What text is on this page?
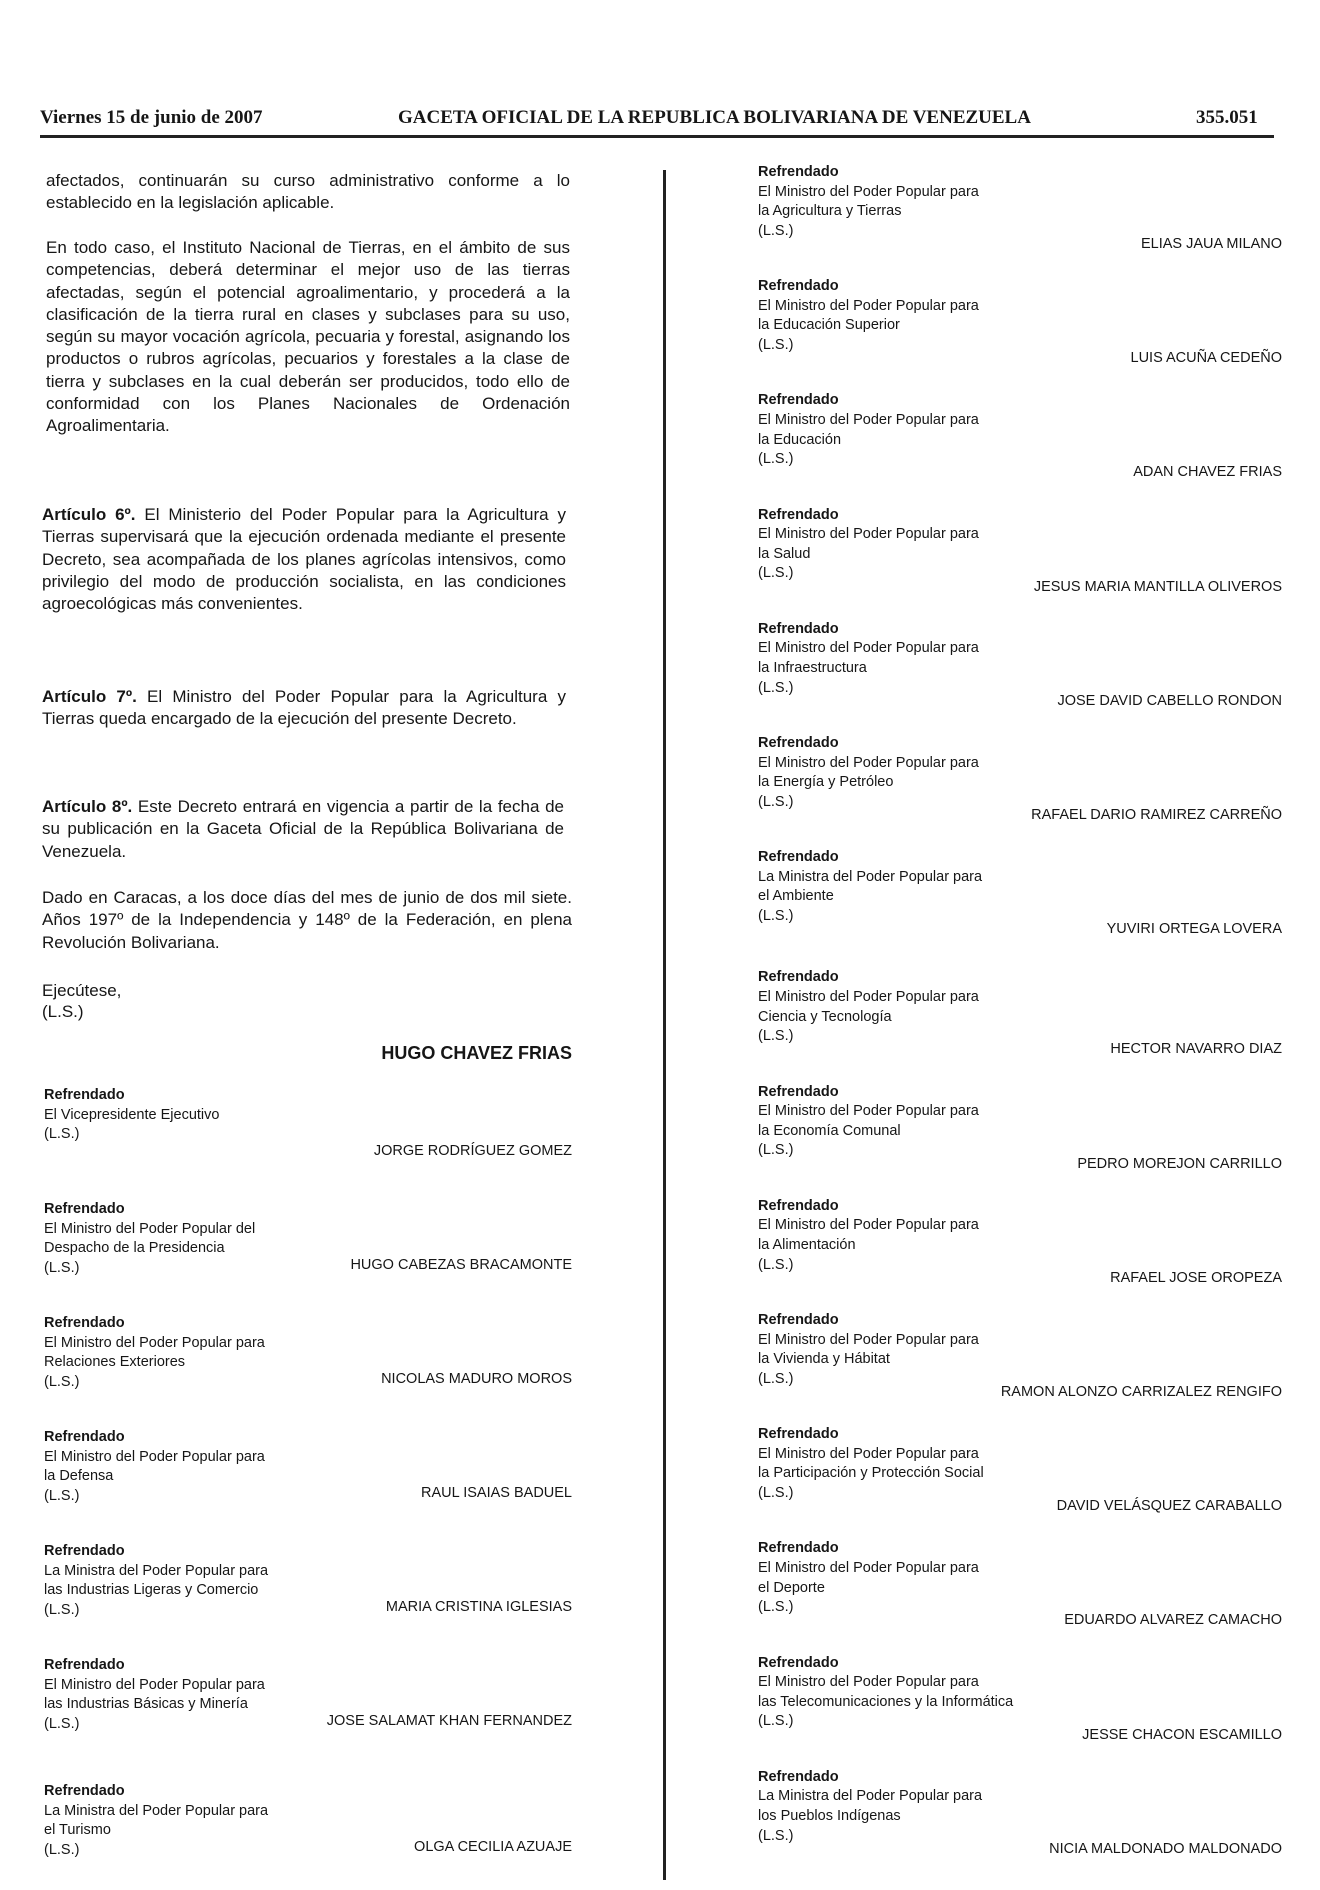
Viernes 15 de junio de 2007	GACETA OFICIAL DE LA REPUBLICA BOLIVARIANA DE VENEZUELA	355.051

afectados, continuarán su curso administrativo conforme a lo establecido en la legislación aplicable.

En todo caso, el Instituto Nacional de Tierras, en el ámbito de sus competencias, deberá determinar el mejor uso de las tierras afectadas, según el potencial agroalimentario, y procederá a la clasificación de la tierra rural en clases y subclases para su uso, según su mayor vocación agrícola, pecuaria y forestal, asignando los productos o rubros agrícolas, pecuarios y forestales a la clase de tierra y subclases en la cual deberán ser producidos, todo ello de conformidad con los Planes Nacionales de Ordenación Agroalimentaria.

Artículo 6º. El Ministerio del Poder Popular para la Agricultura y Tierras supervisará que la ejecución ordenada mediante el presente Decreto, sea acompañada de los planes agrícolas intensivos, como privilegio del modo de producción socialista, en las condiciones agroecológicas más convenientes.

Artículo 7º. El Ministro del Poder Popular para la Agricultura y Tierras queda encargado de la ejecución del presente Decreto.

Artículo 8º. Este Decreto entrará en vigencia a partir de la fecha de su publicación en la Gaceta Oficial de la República Bolivariana de Venezuela.

Dado en Caracas, a los doce días del mes de junio de dos mil siete. Años 197º de la Independencia y 148º de la Federación, en plena Revolución Bolivariana.

Ejecútese,

(L.S.)

HUGO CHAVEZ FRIAS
Refrendado
El Vicepresidente Ejecutivo
(L.S.)
JORGE RODRÍGUEZ GOMEZ
Refrendado
El Ministro del Poder Popular del
Despacho de la Presidencia
(L.S.)	HUGO CABEZAS BRACAMONTE
Refrendado
El Ministro del Poder Popular para
Relaciones Exteriores
(L.S.)	NICOLAS MADURO MOROS
Refrendado
El Ministro del Poder Popular para
la Defensa
(L.S.)	RAUL ISAIAS BADUEL
Refrendado
La Ministra del Poder Popular para
las Industrias Ligeras y Comercio
(L.S.)	MARIA CRISTINA IGLESIAS
Refrendado
El Ministro del Poder Popular para
las Industrias Básicas y Minería
(L.S.)	JOSE SALAMAT KHAN FERNANDEZ
Refrendado
La Ministra del Poder Popular para
el Turismo
(L.S.)	OLGA CECILIA AZUAJE
Refrendado
El Ministro del Poder Popular para
la Agricultura y Tierras
(L.S.)
ELIAS JAUA MILANO
Refrendado
El Ministro del Poder Popular para
la Educación Superior
(L.S.)
LUIS ACUÑA CEDEÑO
Refrendado
El Ministro del Poder Popular para
la Educación
(L.S.)
ADAN CHAVEZ FRIAS
Refrendado
El Ministro del Poder Popular para
la Salud
(L.S.)
JESUS MARIA MANTILLA OLIVEROS
Refrendado
El Ministro del Poder Popular para
la Infraestructura
(L.S.)
JOSE DAVID CABELLO RONDON
Refrendado
El Ministro del Poder Popular para
la Energía y Petróleo
(L.S.)
RAFAEL DARIO RAMIREZ CARREÑO
Refrendado
La Ministra del Poder Popular para
el Ambiente
(L.S.)
YUVIRI ORTEGA LOVERA
Refrendado
El Ministro del Poder Popular para
Ciencia y Tecnología
(L.S.)
HECTOR NAVARRO DIAZ
Refrendado
El Ministro del Poder Popular para
la Economía Comunal
(L.S.)
PEDRO MOREJON CARRILLO
Refrendado
El Ministro del Poder Popular para
la Alimentación
(L.S.)
RAFAEL JOSE OROPEZA
Refrendado
El Ministro del Poder Popular para
la Vivienda y Hábitat
(L.S.)
RAMON ALONZO CARRIZALEZ RENGIFO
Refrendado
El Ministro del Poder Popular para
la Participación y Protección Social
(L.S.)
DAVID VELÁSQUEZ CARABALLO
Refrendado
El Ministro del Poder Popular para
el Deporte
(L.S.)
EDUARDO ALVAREZ CAMACHO
Refrendado
El Ministro del Poder Popular para
las Telecomunicaciones y la Informática
(L.S.)
JESSE CHACON ESCAMILLO
Refrendado
La Ministra del Poder Popular para
los Pueblos Indígenas
(L.S.)
NICIA MALDONADO MALDONADO
